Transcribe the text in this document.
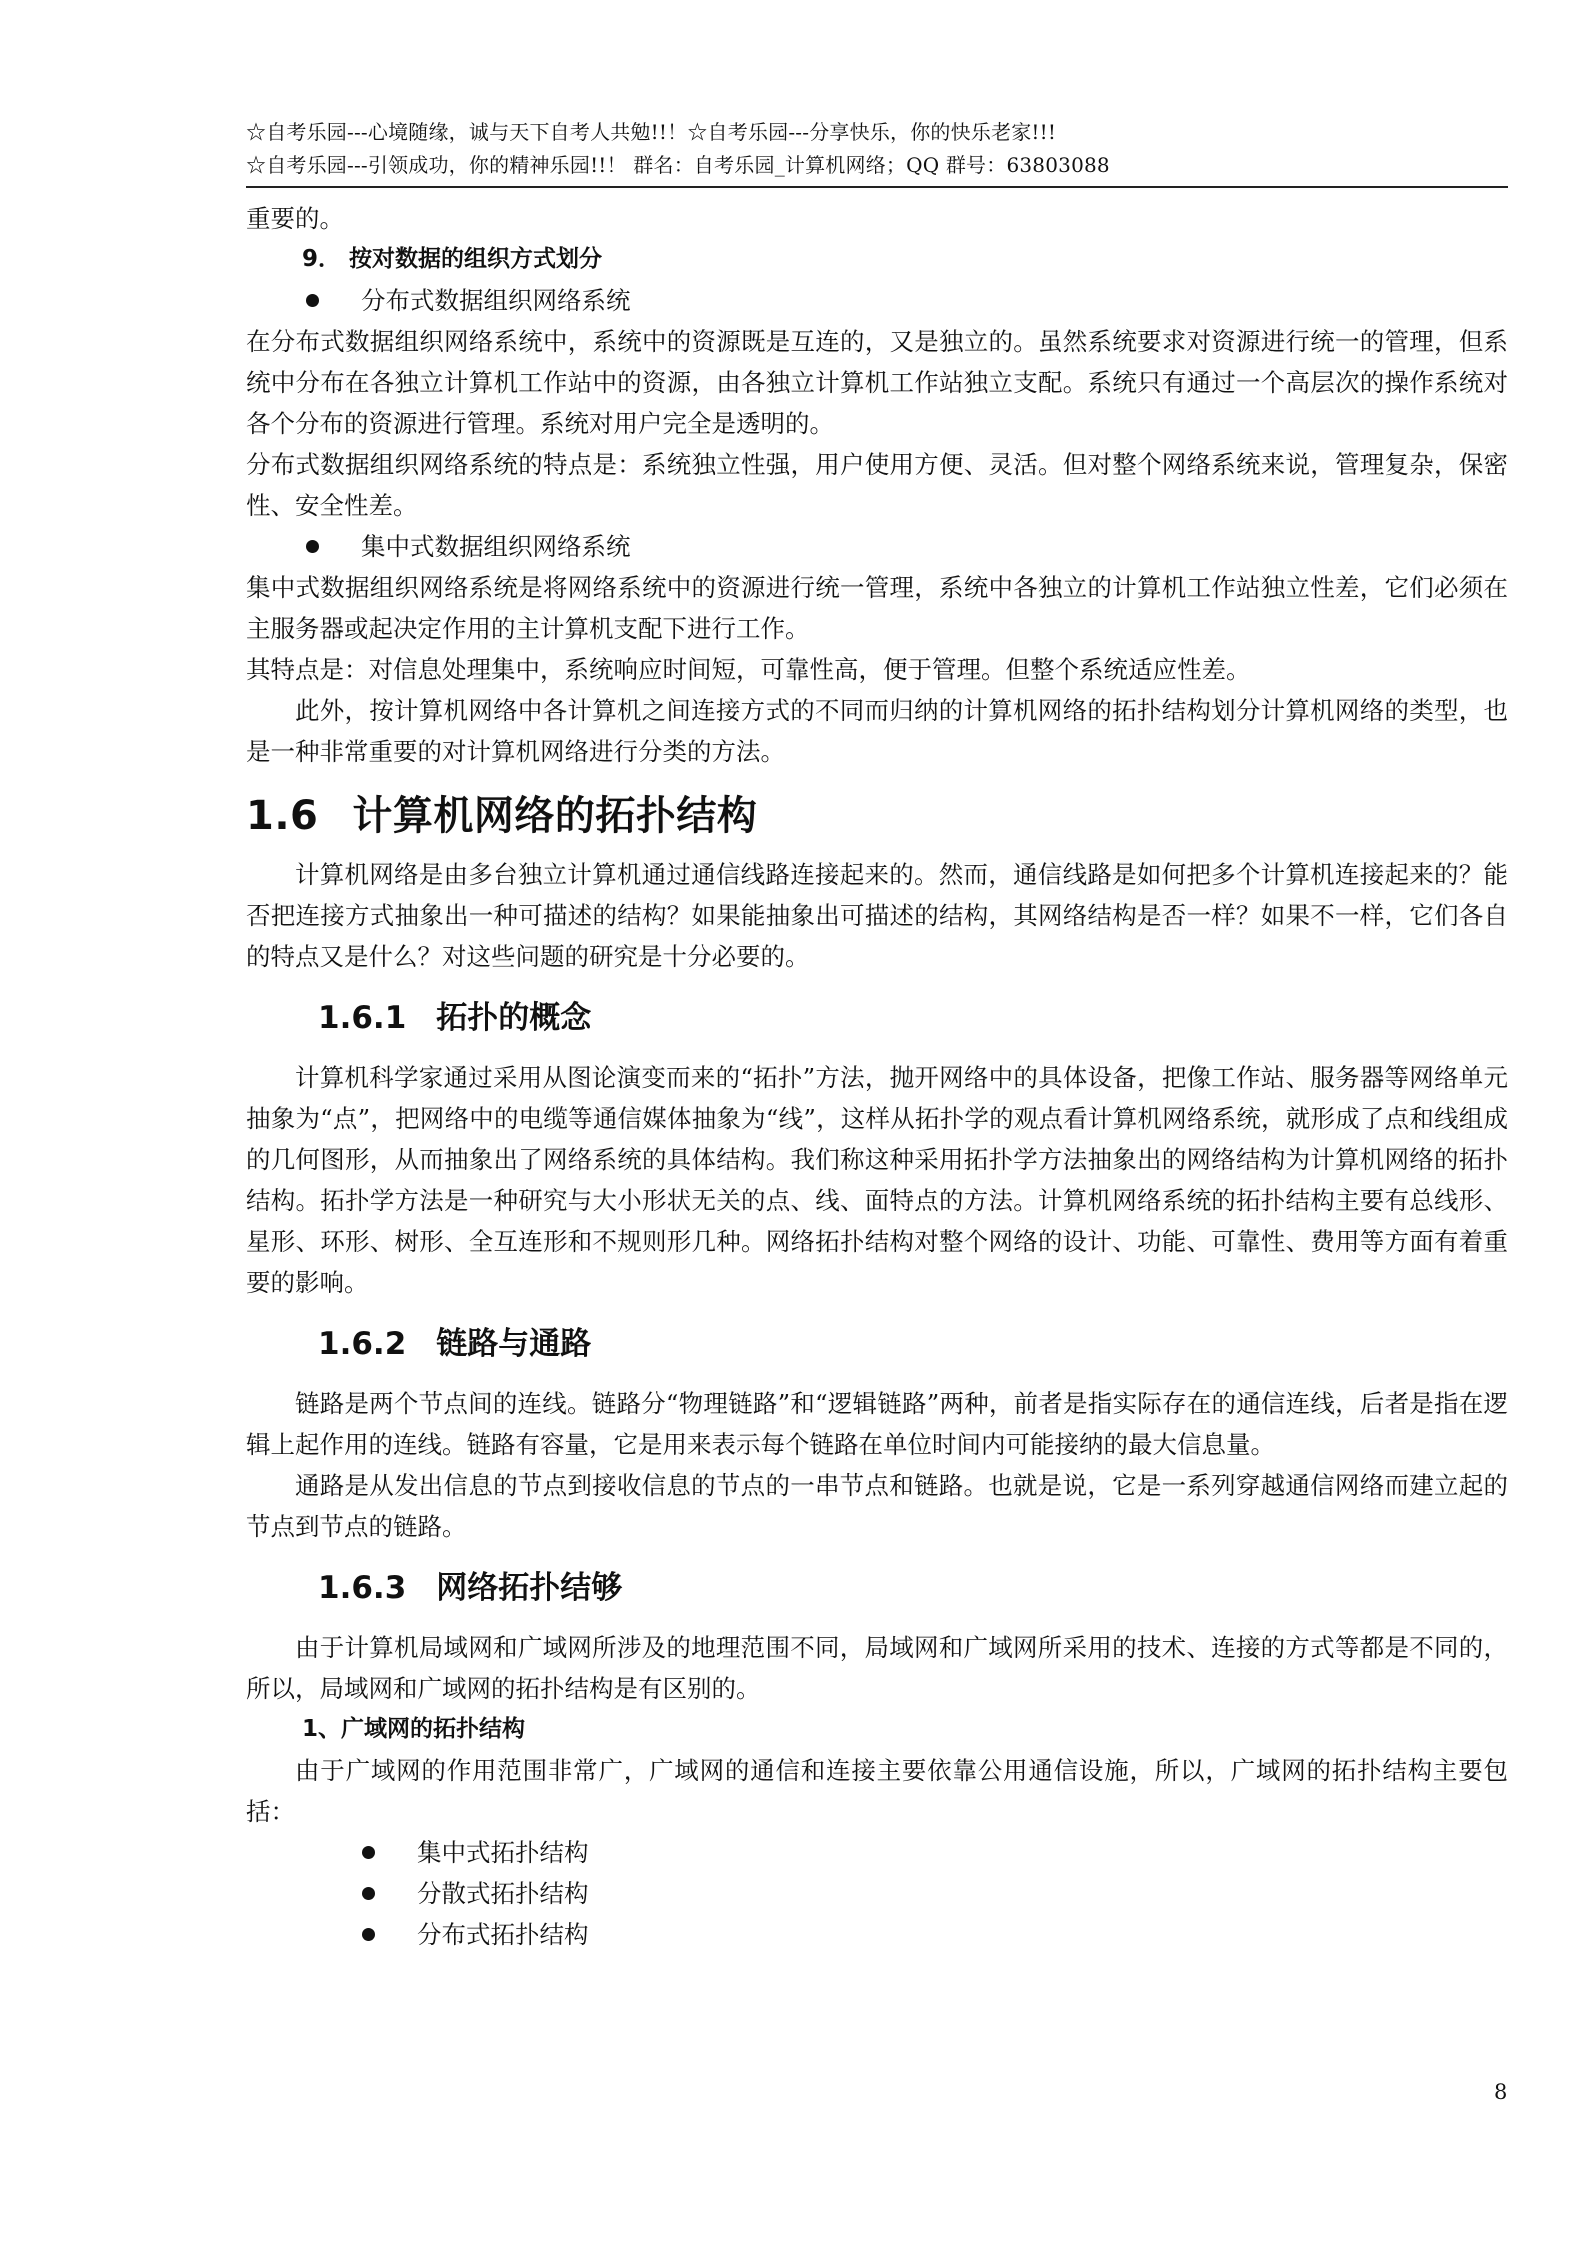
☆自考乐园---心境随缘，诚与天下自考人共勉!!！☆自考乐园---分享快乐，你的快乐老家!!!
☆自考乐园---引领成功，你的精神乐园!!！ 群名：自考乐园_计算机网络；QQ 群号：63803088

重要的。

9． 按对数据的组织方式划分
分布式数据组织网络系统

在分布式数据组织网络系统中，系统中的资源既是互连的，又是独立的。虽然系统要求对资源进行统一的管理，但系统中分布在各独立计算机工作站中的资源，由各独立计算机工作站独立支配。系统只有通过一个高层次的操作系统对各个分布的资源进行管理。系统对用户完全是透明的。

分布式数据组织网络系统的特点是：系统独立性强，用户使用方便、灵活。但对整个网络系统来说，管理复杂，保密性、安全性差。

集中式数据组织网络系统

集中式数据组织网络系统是将网络系统中的资源进行统一管理，系统中各独立的计算机工作站独立性差，它们必须在主服务器或起决定作用的主计算机支配下进行工作。

其特点是：对信息处理集中，系统响应时间短，可靠性高，便于管理。但整个系统适应性差。

此外，按计算机网络中各计算机之间连接方式的不同而归纳的计算机网络的拓扑结构划分计算机网络的类型，也是一种非常重要的对计算机网络进行分类的方法。

1.6 计算机网络的拓扑结构

计算机网络是由多台独立计算机通过通信线路连接起来的。然而，通信线路是如何把多个计算机连接起来的？能否把连接方式抽象出一种可描述的结构？如果能抽象出可描述的结构，其网络结构是否一样？如果不一样，它们各自的特点又是什么？对这些问题的研究是十分必要的。

1.6.1 拓扑的概念

计算机科学家通过采用从图论演变而来的“拓扑”方法，抛开网络中的具体设备，把像工作站、服务器等网络单元抽象为“点”，把网络中的电缆等通信媒体抽象为“线”，这样从拓扑学的观点看计算机网络系统，就形成了点和线组成的几何图形，从而抽象出了网络系统的具体结构。我们称这种采用拓扑学方法抽象出的网络结构为计算机网络的拓扑结构。拓扑学方法是一种研究与大小形状无关的点、线、面特点的方法。计算机网络系统的拓扑结构主要有总线形、星形、环形、树形、全互连形和不规则形几种。网络拓扑结构对整个网络的设计、功能、可靠性、费用等方面有着重要的影响。

1.6.2 链路与通路

链路是两个节点间的连线。链路分“物理链路”和“逻辑链路”两种，前者是指实际存在的通信连线，后者是指在逻辑上起作用的连线。链路有容量，它是用来表示每个链路在单位时间内可能接纳的最大信息量。

通路是从发出信息的节点到接收信息的节点的一串节点和链路。也就是说，它是一系列穿越通信网络而建立起的节点到节点的链路。

1.6.3 网络拓扑结够

由于计算机局域网和广域网所涉及的地理范围不同，局域网和广域网所采用的技术、连接的方式等都是不同的，所以，局域网和广域网的拓扑结构是有区别的。

1、广域网的拓扑结构

由于广域网的作用范围非常广，广域网的通信和连接主要依靠公用通信设施，所以，广域网的拓扑结构主要包括：

集中式拓扑结构
分散式拓扑结构
分布式拓扑结构
8
